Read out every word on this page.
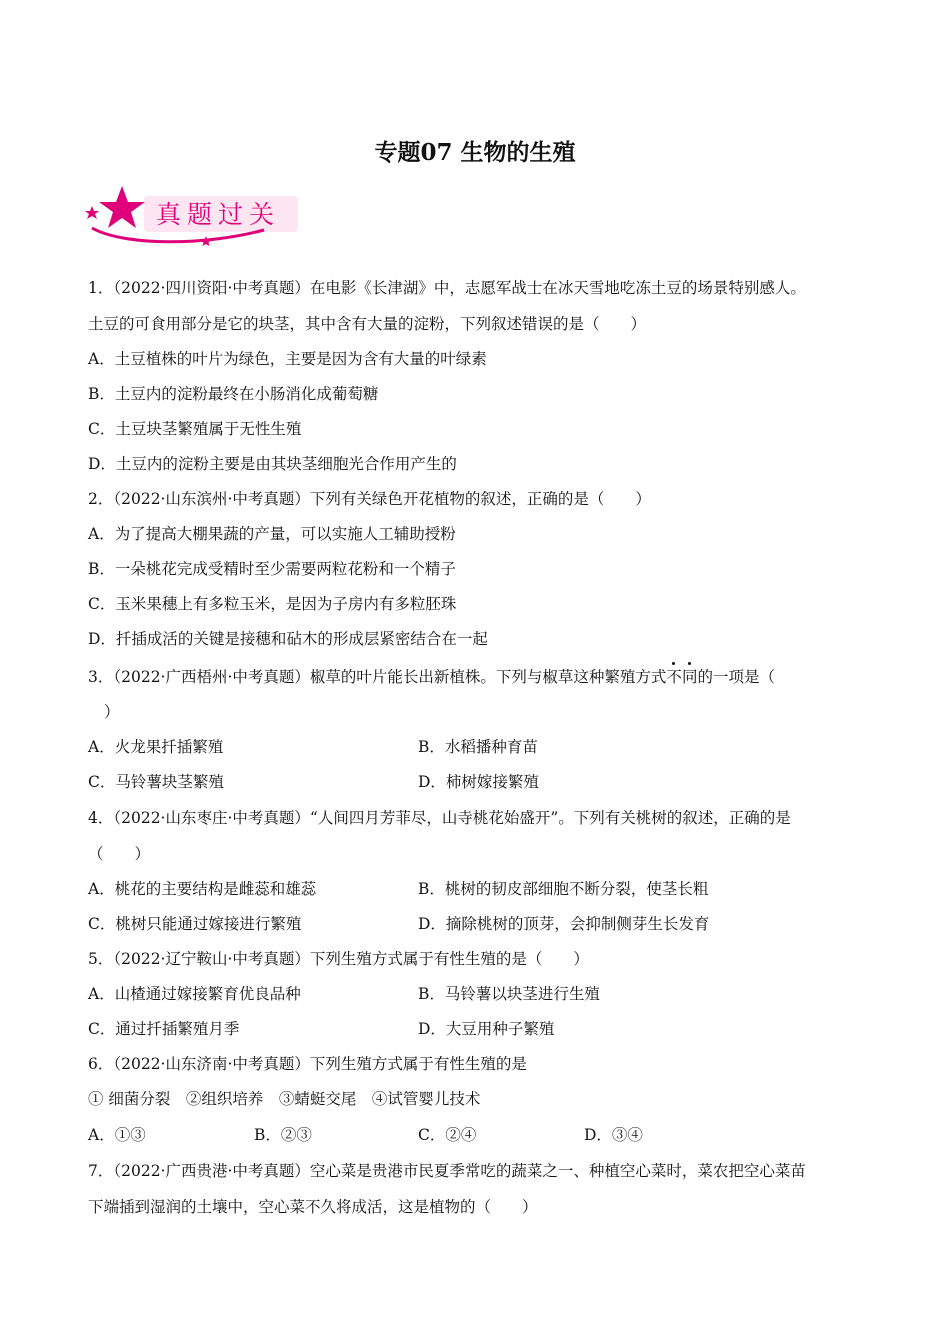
专题07 生物的生殖
真题过关
1．（2022·四川资阳·中考真题）在电影《长津湖》中，志愿军战士在冰天雪地吃冻土豆的场景特别感人。
土豆的可食用部分是它的块茎，其中含有大量的淀粉，下列叙述错误的是（　　）
A．土豆植株的叶片为绿色，主要是因为含有大量的叶绿素
B．土豆内的淀粉最终在小肠消化成葡萄糖
C．土豆块茎繁殖属于无性生殖
D．土豆内的淀粉主要是由其块茎细胞光合作用产生的
2．（2022·山东滨州·中考真题）下列有关绿色开花植物的叙述，正确的是（　　）
A．为了提高大棚果蔬的产量，可以实施人工辅助授粉
B．一朵桃花完成受精时至少需要两粒花粉和一个精子
C．玉米果穗上有多粒玉米，是因为子房内有多粒胚珠
D．扦插成活的关键是接穗和砧木的形成层紧密结合在一起
3．（2022·广西梧州·中考真题）椒草的叶片能长出新植株。下列与椒草这种繁殖方式不同的一项是（
）
A．火龙果扦插繁殖	B．水稻播种育苗
C．马铃薯块茎繁殖	D．柿树嫁接繁殖
4．（2022·山东枣庄·中考真题）“人间四月芳菲尽，山寺桃花始盛开”。下列有关桃树的叙述，正确的是
（　　）
A．桃花的主要结构是雌蕊和雄蕊	B．桃树的韧皮部细胞不断分裂，使茎长粗
C．桃树只能通过嫁接进行繁殖	D．摘除桃树的顶芽，会抑制侧芽生长发育
5．（2022·辽宁鞍山·中考真题）下列生殖方式属于有性生殖的是（　　）
A．山楂通过嫁接繁育优良品种	B．马铃薯以块茎进行生殖
C．通过扦插繁殖月季	D．大豆用种子繁殖
6．（2022·山东济南·中考真题）下列生殖方式属于有性生殖的是
① 细菌分裂　②组织培养　③蜻蜓交尾　④试管婴儿技术
A．①③	B．②③	C．②④	D．③④
7．（2022·广西贵港·中考真题）空心菜是贵港市民夏季常吃的蔬菜之一、种植空心菜时，菜农把空心菜苗
下端插到湿润的土壤中，空心菜不久将成活，这是植物的（　　）
